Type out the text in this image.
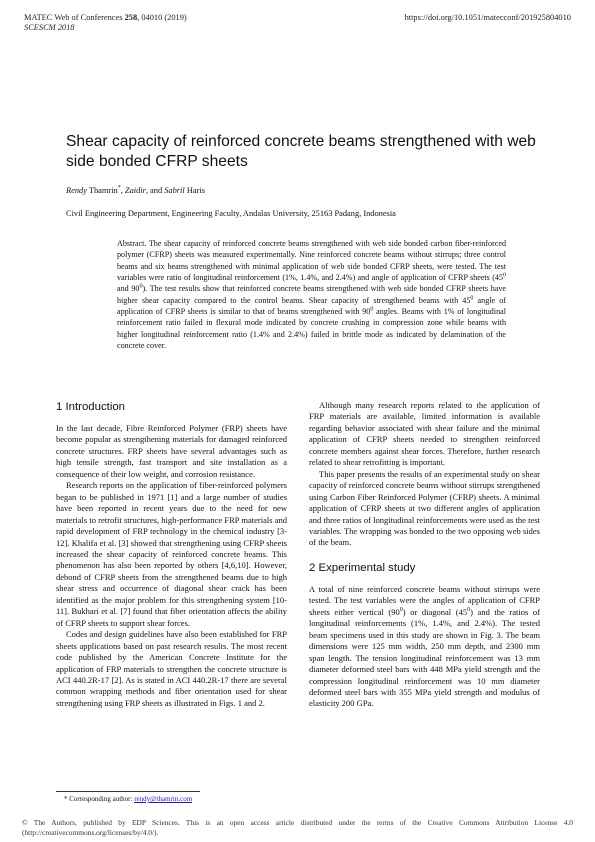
MATEC Web of Conferences 258, 04010 (2019)
SCESCM 2018
https://doi.org/10.1051/matecconf/201925804010
Shear capacity of reinforced concrete beams strengthened with web side bonded CFRP sheets
Rendy Thamrin*, Zaidir, and Sabril Haris
Civil Engineering Department, Engineering Faculty, Andalas University, 25163 Padang, Indonesia
Abstract. The shear capacity of reinforced concrete beams strengthened with web side bonded carbon fiber-reinforced polymer (CFRP) sheets was measured experimentally. Nine reinforced concrete beams without stirrups; three control beams and six beams strengthened with minimal application of web side bonded CFRP sheets, were tested. The test variables were ratio of longitudinal reinforcement (1%, 1.4%, and 2.4%) and angle of application of CFRP sheets ($45^0$ and $90^0$). The test results show that reinforced concrete beams strengthened with web side bonded CFRP sheets have higher shear capacity compared to the control beams. Shear capacity of strengthened beams with $45^0$ angle of application of CFRP sheets is similar to that of beams strengthened with $90^0$ angles. Beams with 1% of longitudinal reinforcement ratio failed in flexural mode indicated by concrete crushing in compression zone while beams with higher longitudinal reinforcement ratio (1.4% and 2.4%) failed in brittle mode as indicated by delamination of the concrete cover.
1 Introduction

In the last decade, Fibre Reinforced Polymer (FRP) sheets have become popular as strengthening materials for damaged reinforced concrete structures. FRP sheets have several advantages such as high tensile strength, fast transport and site installation as a consequence of their low weight, and corrosion resistance.

Research reports on the application of fiber-reinforced polymers began to be published in 1971 [1] and a large number of studies have been reported in recent years due to the need for new materials to retrofit structures, high-performance FRP materials and rapid development of FRP technology in the chemical industry [3-12]. Khalifa et al. [3] showed that strengthening using CFRP sheets increased the shear capacity of reinforced concrete beams. This phenomenon has also been reported by others [4,6,10]. However, debond of CFRP sheets from the strengthened beams due to high shear stress and occurrence of diagonal shear crack has been identified as the major problem for this strengthening system [10-11]. Bukhari et al. [7] found that fiber orientation affects the ability of CFRP sheets to support shear forces.

Codes and design guidelines have also been established for FRP sheets applications based on past research results. The most recent code published by the American Concrete Institute for the application of FRP materials to strengthen the concrete structure is ACI 440.2R-17 [2]. As is stated in ACI 440.2R-17 there are several common wrapping methods and fiber orientation used for shear strengthening using FRP sheets as illustrated in Figs. 1 and 2.

Although many research reports related to the application of FRP materials are available, limited information is available regarding behavior associated with shear failure and the minimal application of CFRP sheets needed to strengthen reinforced concrete members against shear forces. Therefore, further research related to shear retrofitting is important.

This paper presents the results of an experimental study on shear capacity of reinforced concrete beams without stirrups strengthened using Carbon Fiber Reinforced Polymer (CFRP) sheets. A minimal application of CFRP sheets at two different angles of application and three ratios of longitudinal reinforcements were used as the test variables. The wrapping was bonded to the two opposing web sides of the beam.

2 Experimental study

A total of nine reinforced concrete beams without stirrups were tested. The test variables were the angles of application of CFRP sheets either vertical $(90^0)$ or diagonal $(45^0)$ and the ratios of longitudinal reinforcements (1%, 1.4%, and 2.4%). The tested beam specimens used in this study are shown in Fig. 3. The beam dimensions were 125 mm width, 250 mm depth, and 2300 mm span length. The tension longitudinal reinforcement was 13 mm diameter deformed steel bars with 448 MPa yield strength and the compression longitudinal reinforcement was 10 mm diameter deformed steel bars with 355 MPa yield strength and modulus of elasticity 200 GPa.

* Corresponding author: rendy@thamrin.com
© The Authors, published by EDP Sciences. This is an open access article distributed under the terms of the Creative Commons Attribution License 4.0 (http://creativecommons.org/licenses/by/4.0/).
